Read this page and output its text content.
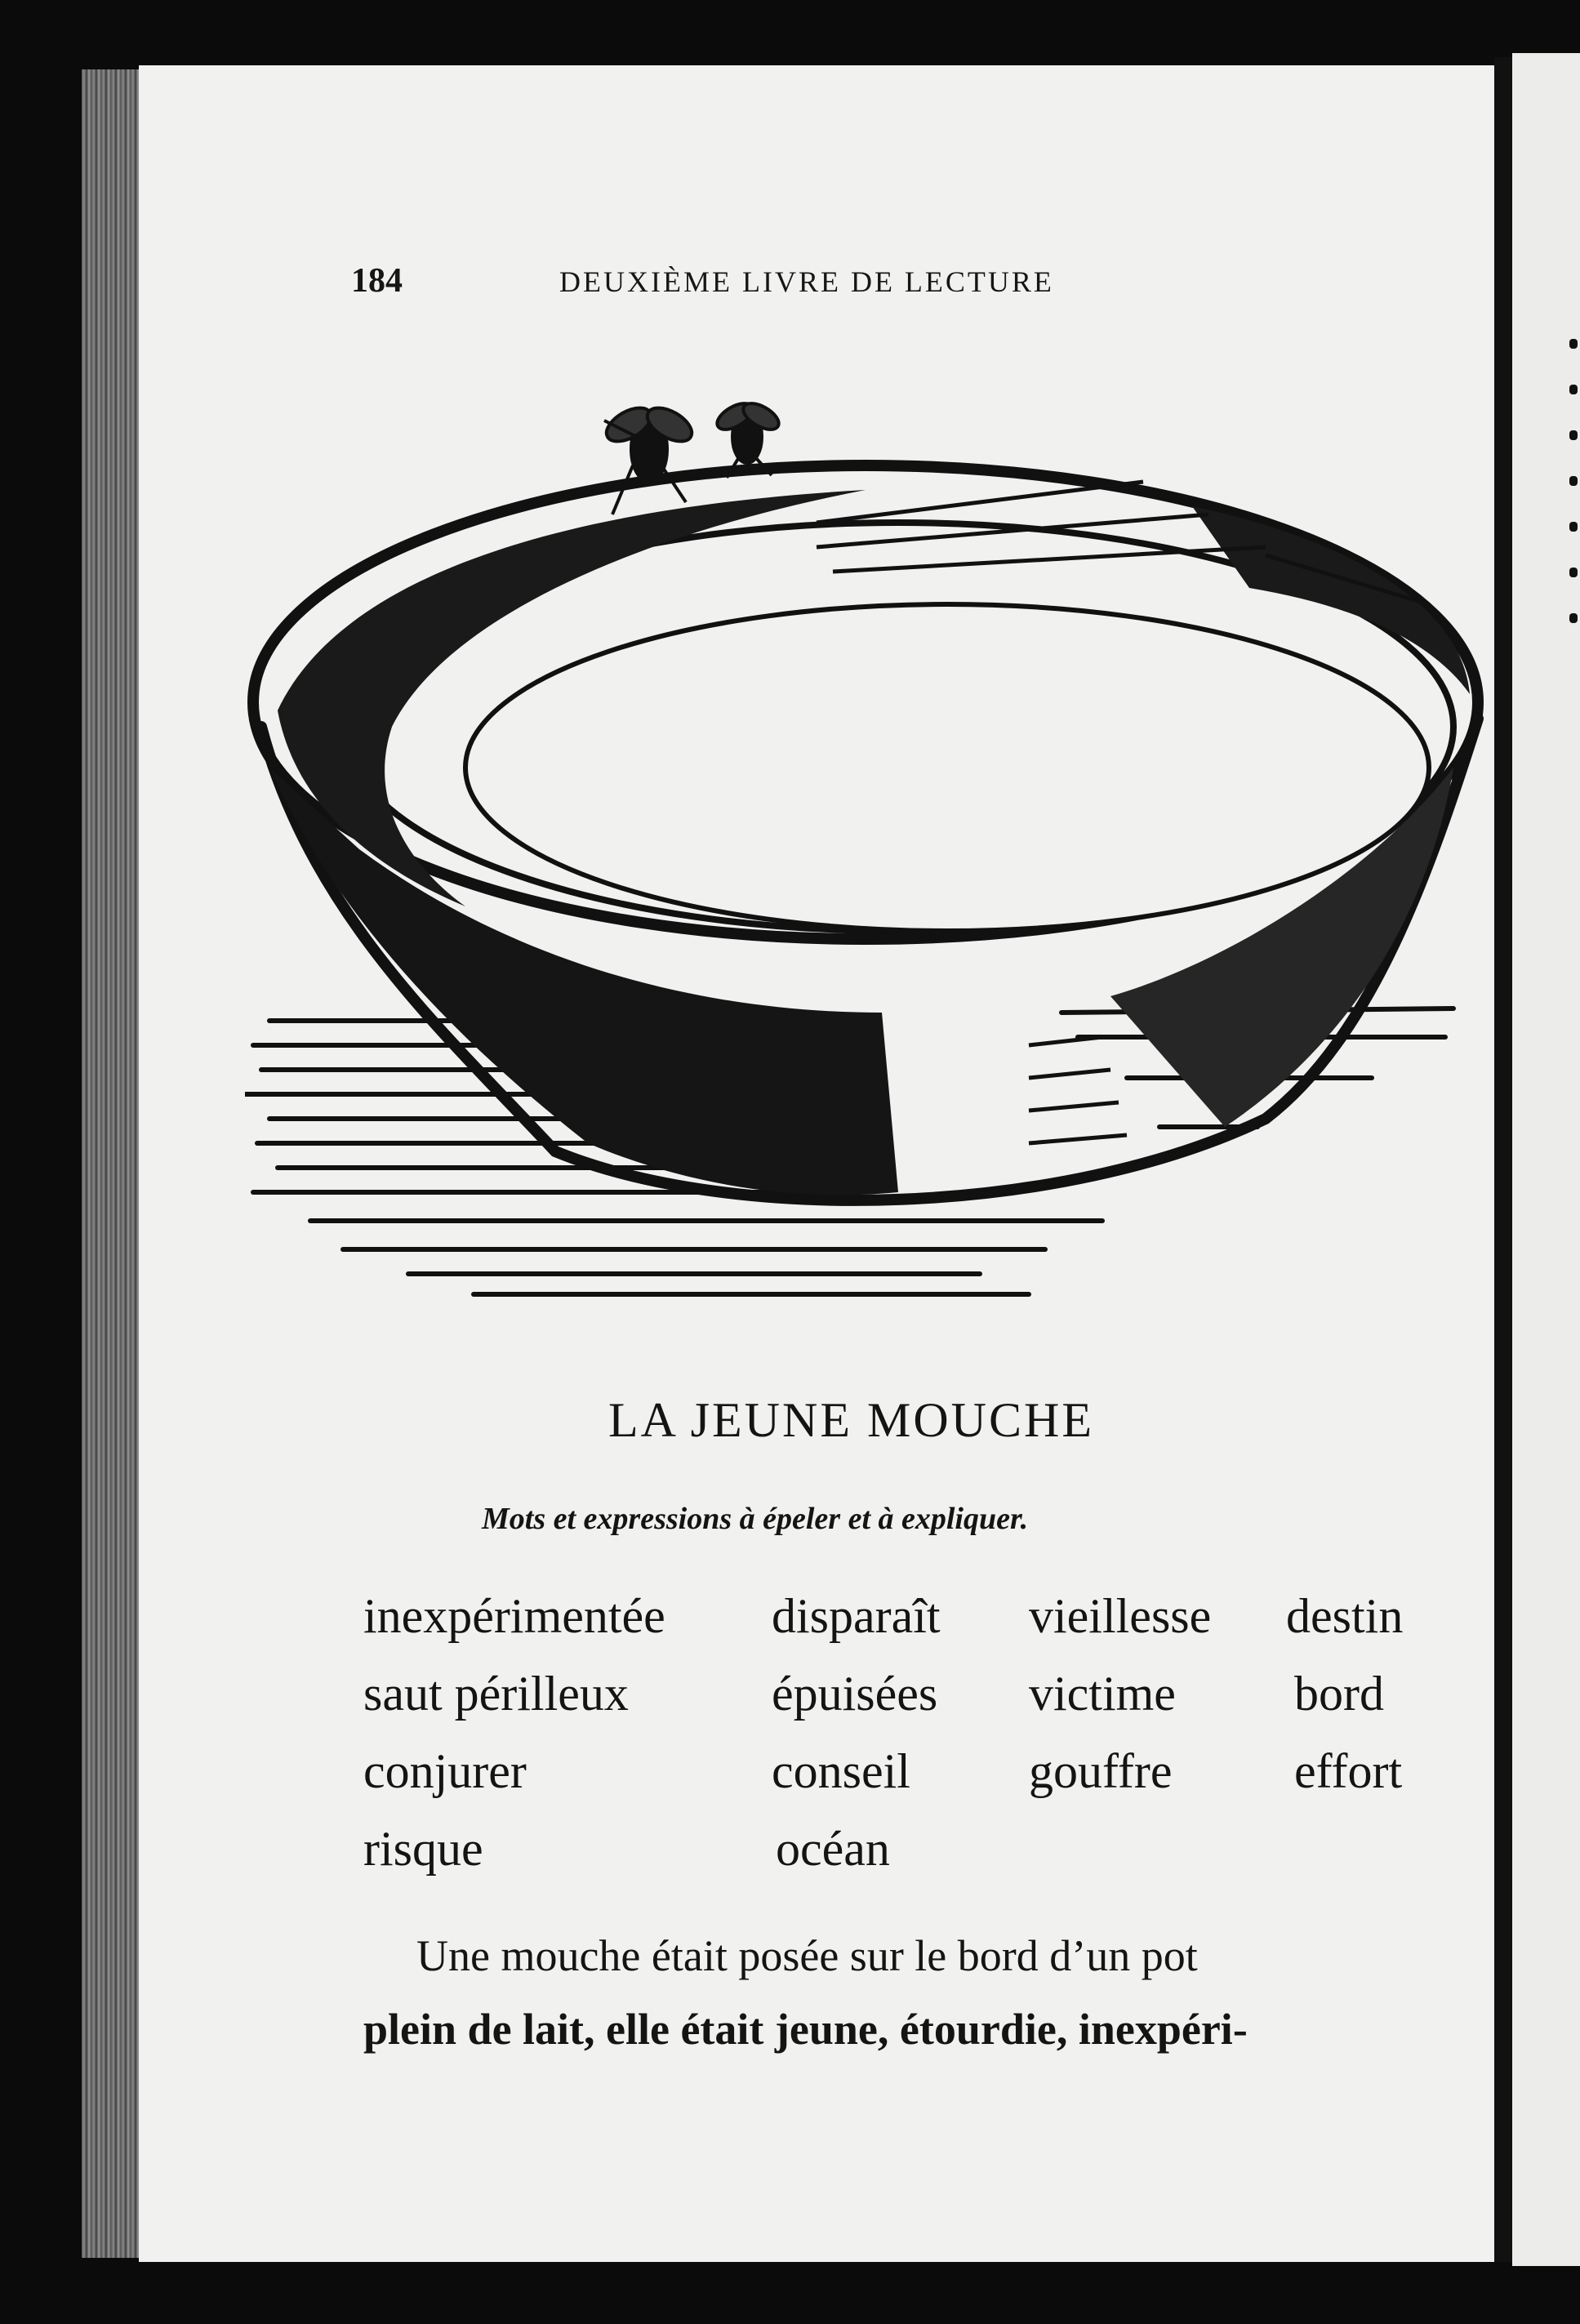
184	DEUXIÈME LIVRE DE LECTURE
LA JEUNE MOUCHE
Mots et expressions à épeler et à expliquer.
inexpérimentée disparaît vieillesse destin
saut périlleux	épuisées victime bord
conjurer	conseil gouffre effort
risque	océan
Une mouche était posée sur le bord d’un pot
plein de lait, elle était jeune, étourdie, inexpéri-
